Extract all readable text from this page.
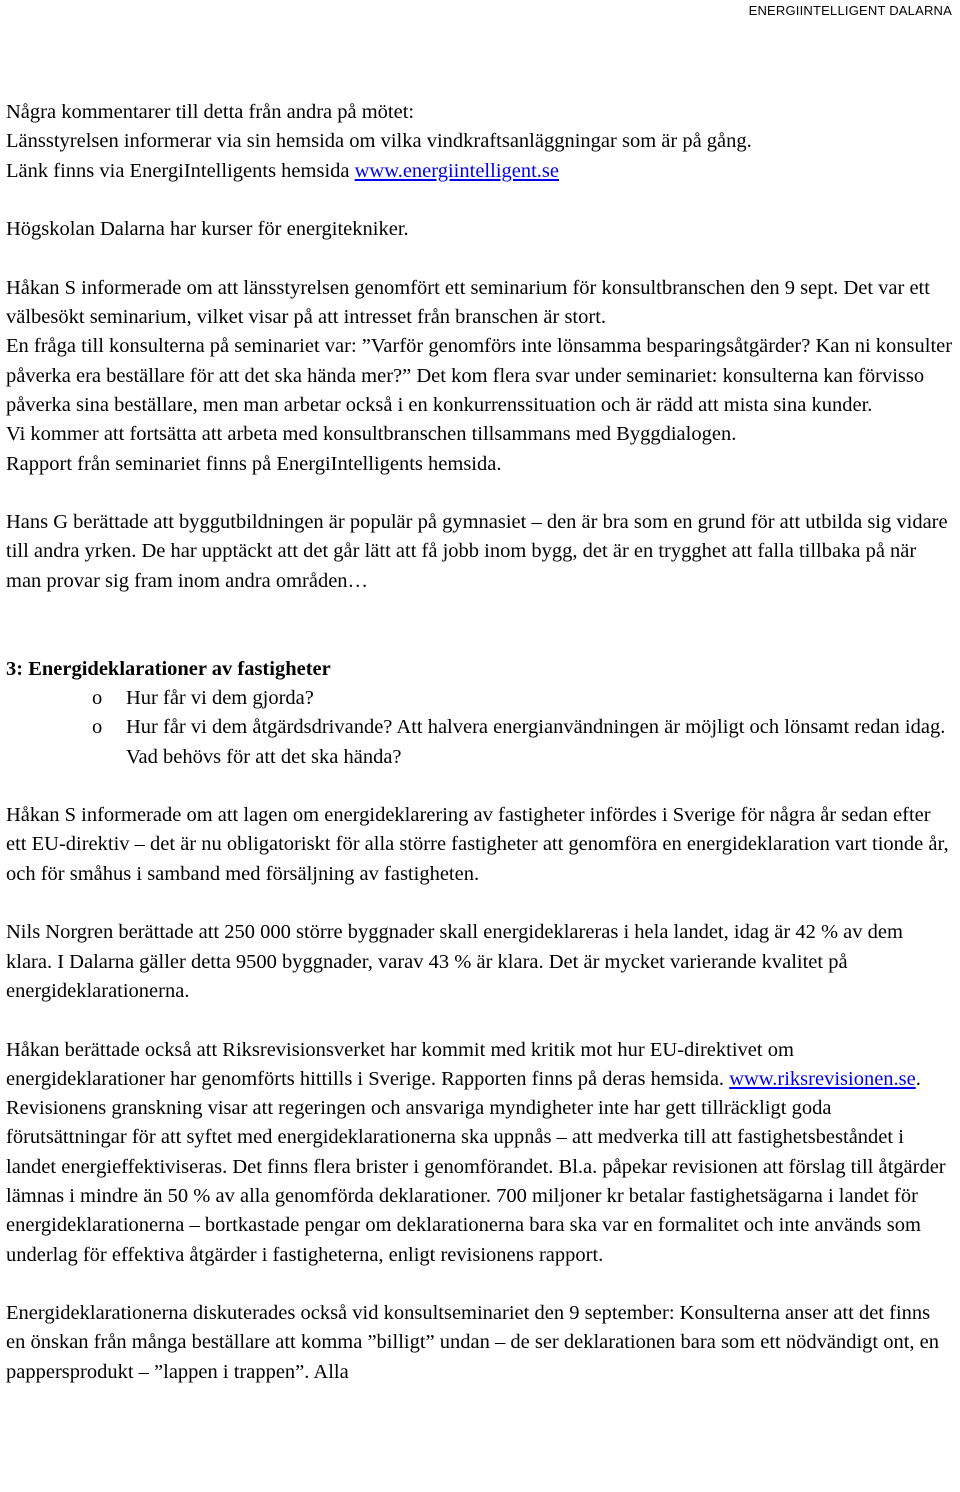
ENERGIINTELLIGENT DALARNA

Några kommentarer till detta från andra på mötet:
Länsstyrelsen informerar via sin hemsida om vilka vindkraftsanläggningar som är på gång.
Länk finns via EnergiIntelligents hemsida www.energiintelligent.se

Högskolan Dalarna har kurser för energitekniker.

Håkan S informerade om att länsstyrelsen genomfört ett seminarium för konsultbranschen den 9 sept. Det var ett välbesökt seminarium, vilket visar på att intresset från branschen är stort.
En fråga till konsulterna på seminariet var: ”Varför genomförs inte lönsamma besparingsåtgärder? Kan ni konsulter påverka era beställare för att det ska hända mer?” Det kom flera svar under seminariet: konsulterna kan förvisso påverka sina beställare, men man arbetar också i en konkurrenssituation och är rädd att mista sina kunder.
Vi kommer att fortsätta att arbeta med konsultbranschen tillsammans med Byggdialogen.
Rapport från seminariet finns på EnergiIntelligents hemsida.

Hans G berättade att byggutbildningen är populär på gymnasiet – den är bra som en grund för att utbilda sig vidare till andra yrken. De har upptäckt att det går lätt att få jobb inom bygg, det är en trygghet att falla tillbaka på när man provar sig fram inom andra områden…

3: Energideklarationer av fastigheter
o Hur får vi dem gjorda?
o Hur får vi dem åtgärdsdrivande? Att halvera energianvändningen är möjligt och lönsamt redan idag. Vad behövs för att det ska hända?

Håkan S informerade om att lagen om energideklarering av fastigheter infördes i Sverige för några år sedan efter ett EU-direktiv – det är nu obligatoriskt för alla större fastigheter att genomföra en energideklaration vart tionde år, och för småhus i samband med försäljning av fastigheten.

Nils Norgren berättade att 250 000 större byggnader skall energideklareras i hela landet, idag är 42 % av dem klara. I Dalarna gäller detta 9500 byggnader, varav 43 % är klara. Det är mycket varierande kvalitet på energideklarationerna.

Håkan berättade också att Riksrevisionsverket har kommit med kritik mot hur EU-direktivet om energideklarationer har genomförts hittills i Sverige. Rapporten finns på deras hemsida. www.riksrevisionen.se. Revisionens granskning visar att regeringen och ansvariga myndigheter inte har gett tillräckligt goda förutsättningar för att syftet med energideklarationerna ska uppnås – att medverka till att fastighetsbeståndet i landet energieffektiviseras. Det finns flera brister i genomförandet. Bl.a. påpekar revisionen att förslag till åtgärder lämnas i mindre än 50 % av alla genomförda deklarationer. 700 miljoner kr betalar fastighetsägarna i landet för energideklarationerna – bortkastade pengar om deklarationerna bara ska var en formalitet och inte används som underlag för effektiva åtgärder i fastigheterna, enligt revisionens rapport.

Energideklarationerna diskuterades också vid konsultseminariet den 9 september: Konsulterna anser att det finns en önskan från många beställare att komma ”billigt” undan – de ser deklarationen bara som ett nödvändigt ont, en pappersprodukt – ”lappen i trappen”. Alla
